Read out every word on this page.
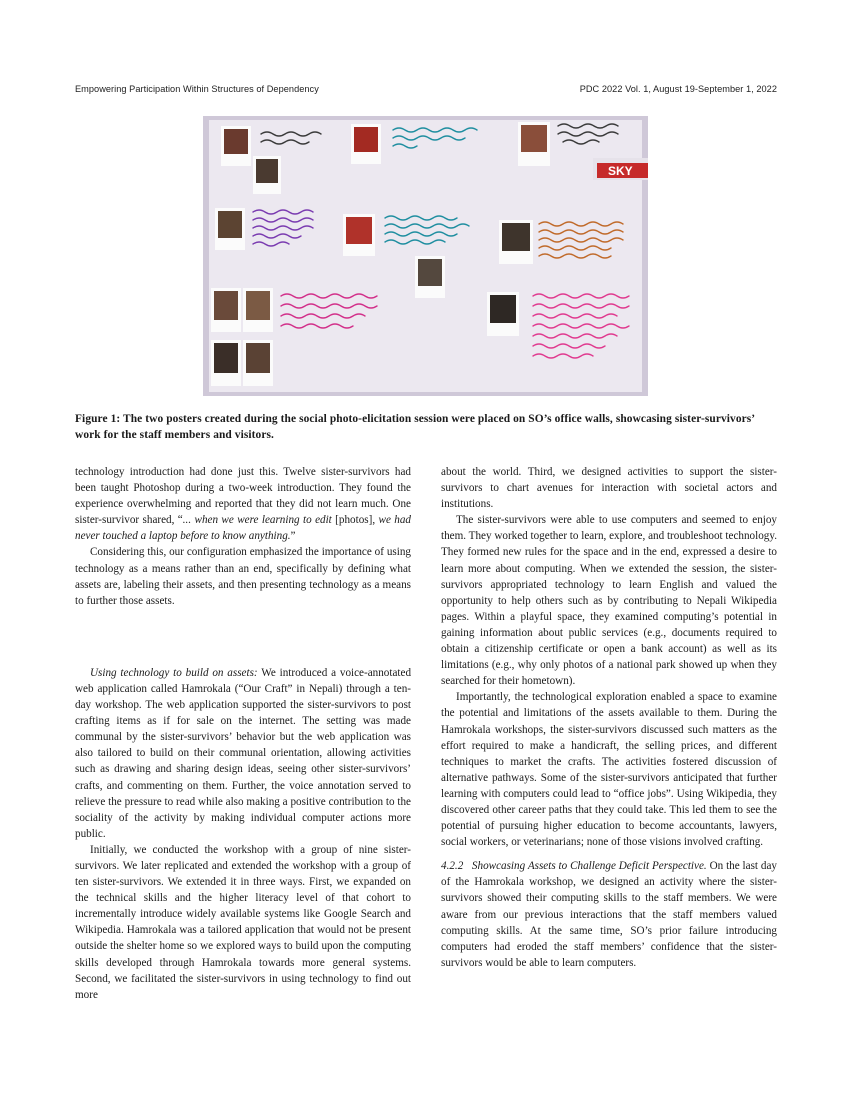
Empowering Participation Within Structures of Dependency	PDC 2022 Vol. 1, August 19-September 1, 2022
SKY
Figure 1: The two posters created during the social photo-elicitation session were placed on SO’s office walls, showcasing sister-survivors’ work for the staff members and visitors.

technology introduction had done just this. Twelve sister-survivors had been taught Photoshop during a two-week introduction. They found the experience overwhelming and reported that they did not learn much. One sister-survivor shared, “... when we were learning to edit [photos], we had never touched a laptop before to know anything.”

Considering this, our configuration emphasized the importance of using technology as a means rather than an end, specifically by defining what assets are, labeling their assets, and then presenting technology as a means to further those assets.

Using technology to build on assets: We introduced a voice-annotated web application called Hamrokala (“Our Craft” in Nepali) through a ten-day workshop. The web application supported the sister-survivors to post crafting items as if for sale on the internet. The setting was made communal by the sister-survivors’ behavior but the web application was also tailored to build on their communal orientation, allowing activities such as drawing and sharing design ideas, seeing other sister-survivors’ crafts, and commenting on them. Further, the voice annotation served to relieve the pressure to read while also making a positive contribution to the sociality of the activity by making individual computer actions more public.

Initially, we conducted the workshop with a group of nine sister-survivors. We later replicated and extended the workshop with a group of ten sister-survivors. We extended it in three ways. First, we expanded on the technical skills and the higher literacy level of that cohort to incrementally introduce widely available systems like Google Search and Wikipedia. Hamrokala was a tailored application that would not be present outside the shelter home so we explored ways to build upon the computing skills developed through Hamrokala towards more general systems. Second, we facilitated the sister-survivors in using technology to find out more

about the world. Third, we designed activities to support the sister-survivors to chart avenues for interaction with societal actors and institutions.

The sister-survivors were able to use computers and seemed to enjoy them. They worked together to learn, explore, and troubleshoot technology. They formed new rules for the space and in the end, expressed a desire to learn more about computing. When we extended the session, the sister-survivors appropriated technology to learn English and valued the opportunity to help others such as by contributing to Nepali Wikipedia pages. Within a playful space, they examined computing’s potential in gaining information about public services (e.g., documents required to obtain a citizenship certificate or open a bank account) as well as its limitations (e.g., why only photos of a national park showed up when they searched for their hometown).

Importantly, the technological exploration enabled a space to examine the potential and limitations of the assets available to them. During the Hamrokala workshops, the sister-survivors discussed such matters as the effort required to make a handicraft, the selling prices, and different techniques to market the crafts. The activities fostered discussion of alternative pathways. Some of the sister-survivors anticipated that further learning with computers could lead to “office jobs”. Using Wikipedia, they discovered other career paths that they could take. This led them to see the potential of pursuing higher education to become accountants, lawyers, social workers, or veterinarians; none of those visions involved crafting.

4.2.2 Showcasing Assets to Challenge Deficit Perspective. On the last day of the Hamrokala workshop, we designed an activity where the sister-survivors showed their computing skills to the staff members. We were aware from our previous interactions that the staff members valued computing skills. At the same time, SO’s prior failure introducing computers had eroded the staff members’ confidence that the sister-survivors would be able to learn computers.
